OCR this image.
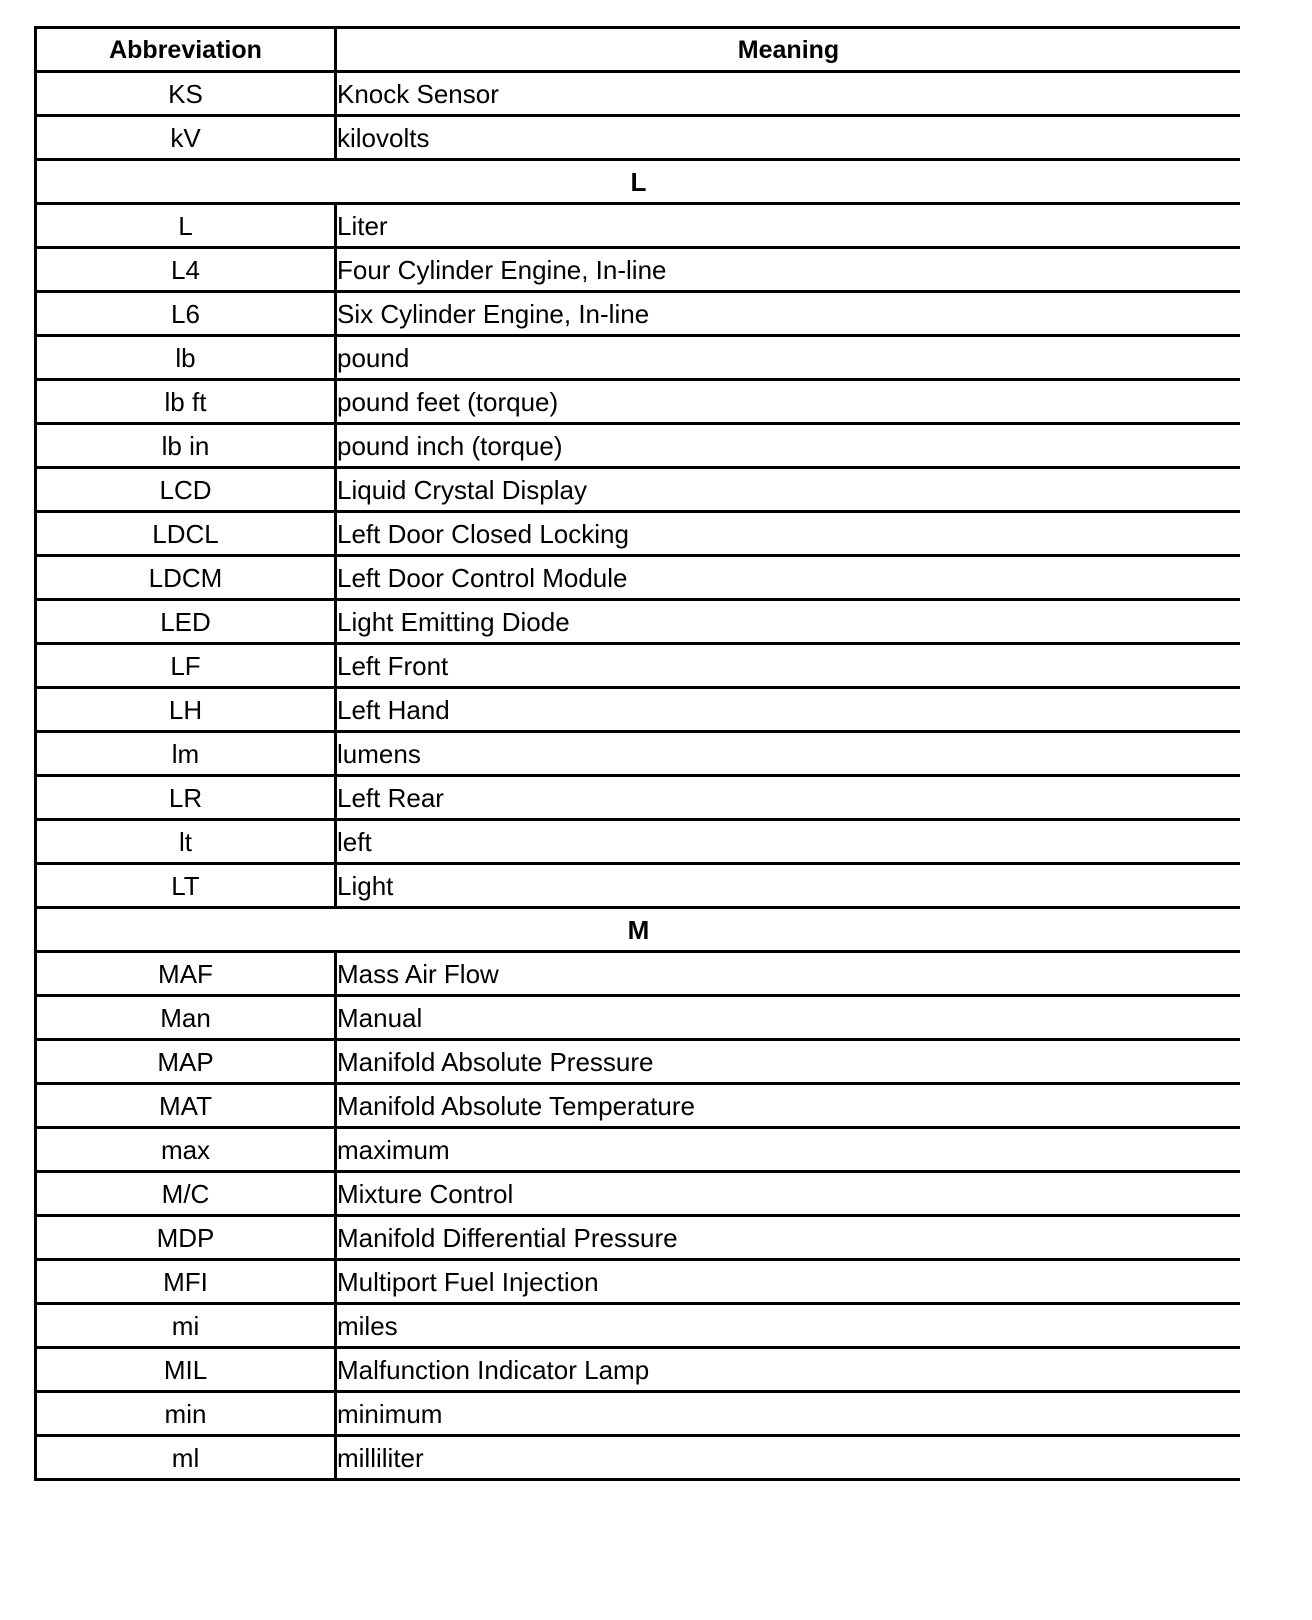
Abbreviation	Meaning
KS	Knock Sensor
kV	kilovolts
L	
L	Liter
L4	Four Cylinder Engine, In-line
L6	Six Cylinder Engine, In-line
lb	pound
lb ft	pound feet (torque)
lb in	pound inch (torque)
LCD	Liquid Crystal Display
LDCL	Left Door Closed Locking
LDCM	Left Door Control Module
LED	Light Emitting Diode
LF	Left Front
LH	Left Hand
lm	lumens
LR	Left Rear
lt	left
LT	Light
M	
MAF	Mass Air Flow
Man	Manual
MAP	Manifold Absolute Pressure
MAT	Manifold Absolute Temperature
max	maximum
M/C	Mixture Control
MDP	Manifold Differential Pressure
MFI	Multiport Fuel Injection
mi	miles
MIL	Malfunction Indicator Lamp
min	minimum
ml	milliliter
